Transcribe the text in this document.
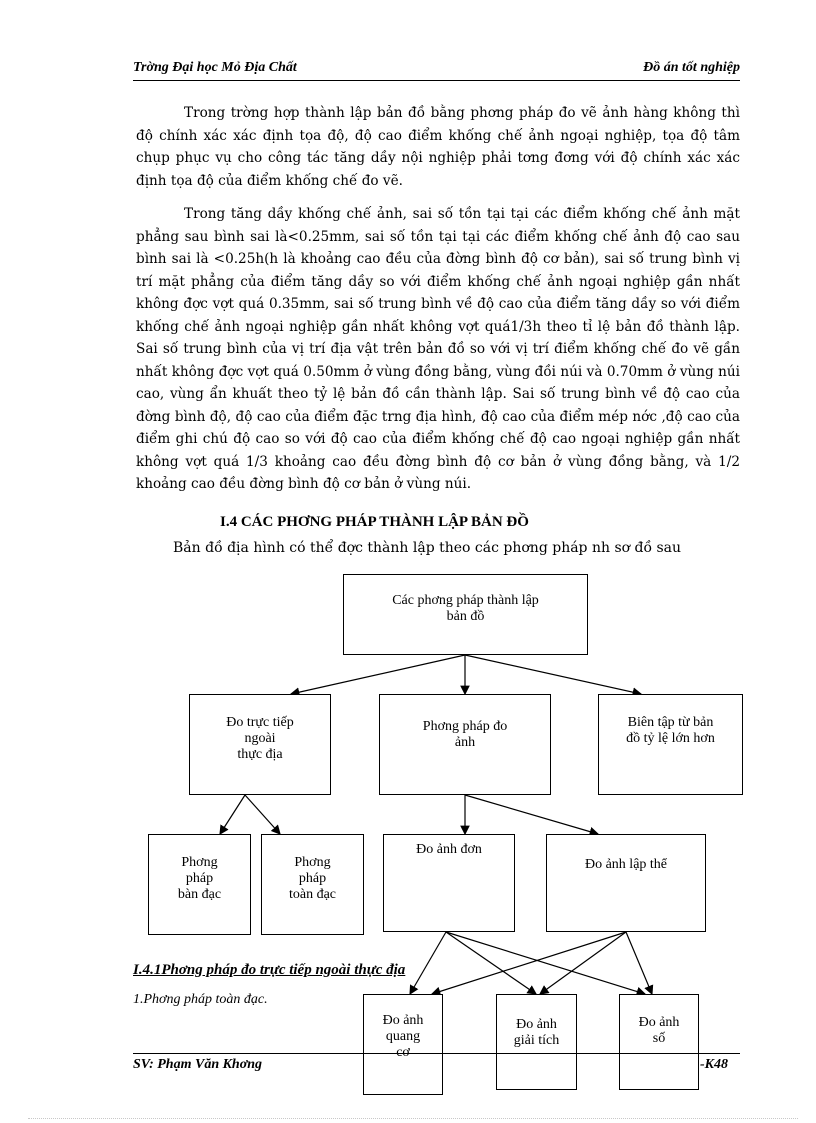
Trờng Đại học Mỏ Địa Chất	Đồ án tốt nghiệp
Trong trờng hợp thành lập bản đồ bằng phơng pháp đo vẽ ảnh hàng không thì độ chính xác xác định tọa độ, độ cao điểm khống chế ảnh ngoại nghiệp, tọa độ tâm chụp phục vụ cho công tác tăng dầy nội nghiệp phải tơng đơng với độ chính xác xác định tọa độ của điểm khống chế đo vẽ.
Trong tăng dầy khống chế ảnh, sai số tồn tại tại các điểm khống chế ảnh mặt phẳng sau bình sai là<0.25mm, sai số tồn tại tại các điểm khống chế ảnh độ cao sau bình sai là <0.25h(h là khoảng cao đều của đờng bình độ cơ bản), sai số trung bình vị trí mặt phẳng của điểm tăng dầy so với điểm khống chế ảnh ngoại nghiệp gần nhất không đợc vợt quá 0.35mm, sai số trung bình về độ cao của điểm tăng dầy so với điểm khống chế ảnh ngoại nghiệp gần nhất không vợt quá1/3h theo tỉ lệ bản đồ thành lập. Sai số trung bình của vị trí địa vật trên bản đồ so với vị trí điểm khống chế đo vẽ gần nhất không đợc vợt quá 0.50mm ở vùng đồng bằng, vùng đồi núi và 0.70mm ở vùng núi cao, vùng ẩn khuất theo tỷ lệ bản đồ cần thành lập. Sai số trung bình về độ cao của đờng bình độ, độ cao của điểm đặc trng địa hình, độ cao của điểm mép nớc ,độ cao của điểm ghi chú độ cao so với độ cao của điểm khống chế độ cao ngoại nghiệp gần nhất không vợt quá 1/3 khoảng cao đều đờng bình độ cơ bản ở vùng đồng bằng, và 1/2 khoảng cao đều đờng bình độ cơ bản ở vùng núi.
I.4 CÁC PHƠNG PHÁP THÀNH LẬP BẢN ĐỒ
Bản đồ địa hình có thể đợc thành lập theo các phơng pháp nh sơ đồ sau
Các phơng pháp thành lập
bản đồ
Đo trực tiếp
ngoài
thực địa
Phơng pháp đo
ảnh
Biên tập từ bản
đồ tỷ lệ lớn hơn
Phơng
pháp
bàn đạc
Phơng
pháp
toàn đạc
Đo ảnh đơn
Đo ảnh lập thể
Đo ảnh
quang
cơ
Đo ảnh
giải tích
Đo ảnh
số
I.4.1Phơng pháp đo trực tiếp ngoài thực địa
1.Phơng pháp toàn đạc.
SV: Phạm Văn Khơng	-K48
